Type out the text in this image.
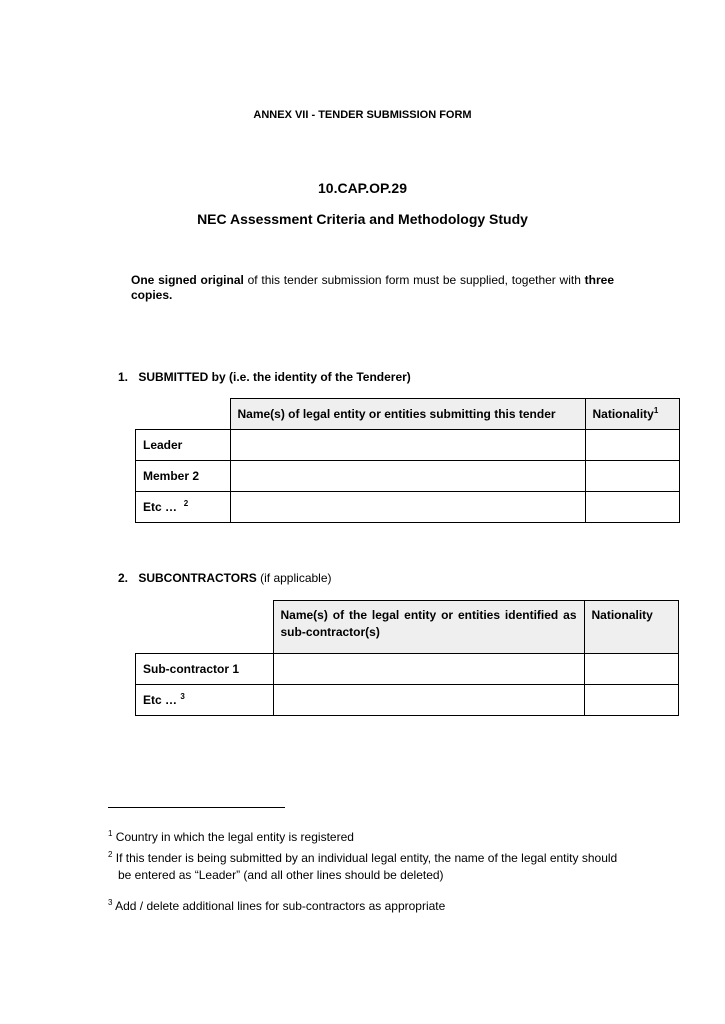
ANNEX VII - TENDER SUBMISSION FORM
10.CAP.OP.29
NEC Assessment Criteria and Methodology Study
One signed original of this tender submission form must be supplied, together with three copies.
1. SUBMITTED by (i.e. the identity of the Tenderer)
	Name(s) of legal entity or entities submitting this tender	Nationality$^1$
Leader		
Member 2		
Etc … $^2$		
2. SUBCONTRACTORS (if applicable)
	Name(s) of the legal entity or entities identified as sub-contractor(s)	Nationality
Sub-contractor 1		
Etc … $^3$		
$^1$ Country in which the legal entity is registered
$^2$ If this tender is being submitted by an individual legal entity, the name of the legal entity should
be entered as “Leader” (and all other lines should be deleted)
$^3$ Add / delete additional lines for sub-contractors as appropriate
